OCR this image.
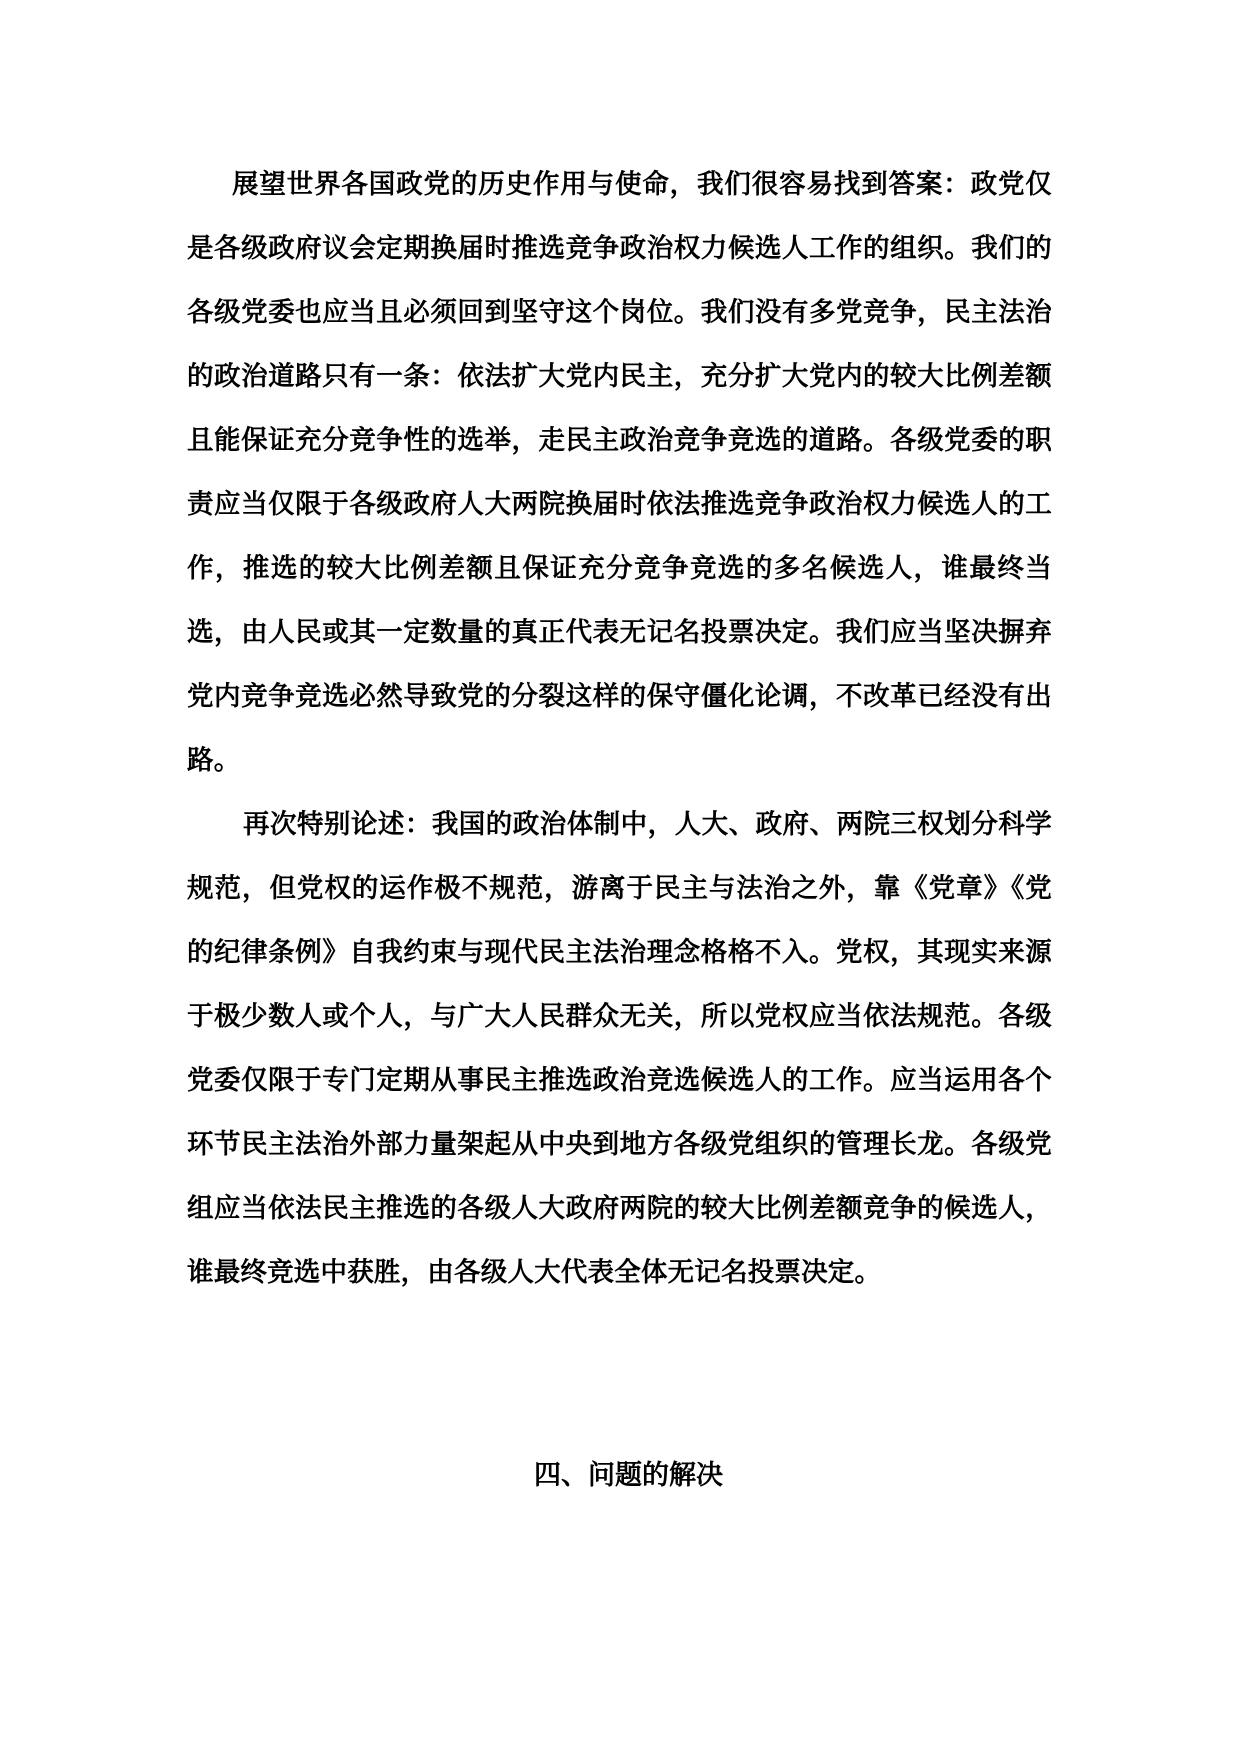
展望世界各国政党的历史作用与使命，我们很容易找到答案：政党仅是各级政府议会定期换届时推选竞争政治权力候选人工作的组织。我们的各级党委也应当且必须回到坚守这个岗位。我们没有多党竞争，民主法治的政治道路只有一条：依法扩大党内民主，充分扩大党内的较大比例差额且能保证充分竞争性的选举，走民主政治竞争竞选的道路。各级党委的职责应当仅限于各级政府人大两院换届时依法推选竞争政治权力候选人的工作，推选的较大比例差额且保证充分竞争竞选的多名候选人，谁最终当选，由人民或其一定数量的真正代表无记名投票决定。我们应当坚决摒弃党内竞争竞选必然导致党的分裂这样的保守僵化论调，不改革已经没有出路。

再次特别论述：我国的政治体制中，人大、政府、两院三权划分科学规范，但党权的运作极不规范，游离于民主与法治之外，靠《党章》《党的纪律条例》自我约束与现代民主法治理念格格不入。党权，其现实来源于极少数人或个人，与广大人民群众无关，所以党权应当依法规范。各级党委仅限于专门定期从事民主推选政治竞选候选人的工作。应当运用各个环节民主法治外部力量架起从中央到地方各级党组织的管理长龙。各级党组应当依法民主推选的各级人大政府两院的较大比例差额竞争的候选人，谁最终竞选中获胜，由各级人大代表全体无记名投票决定。

四、问题的解决
